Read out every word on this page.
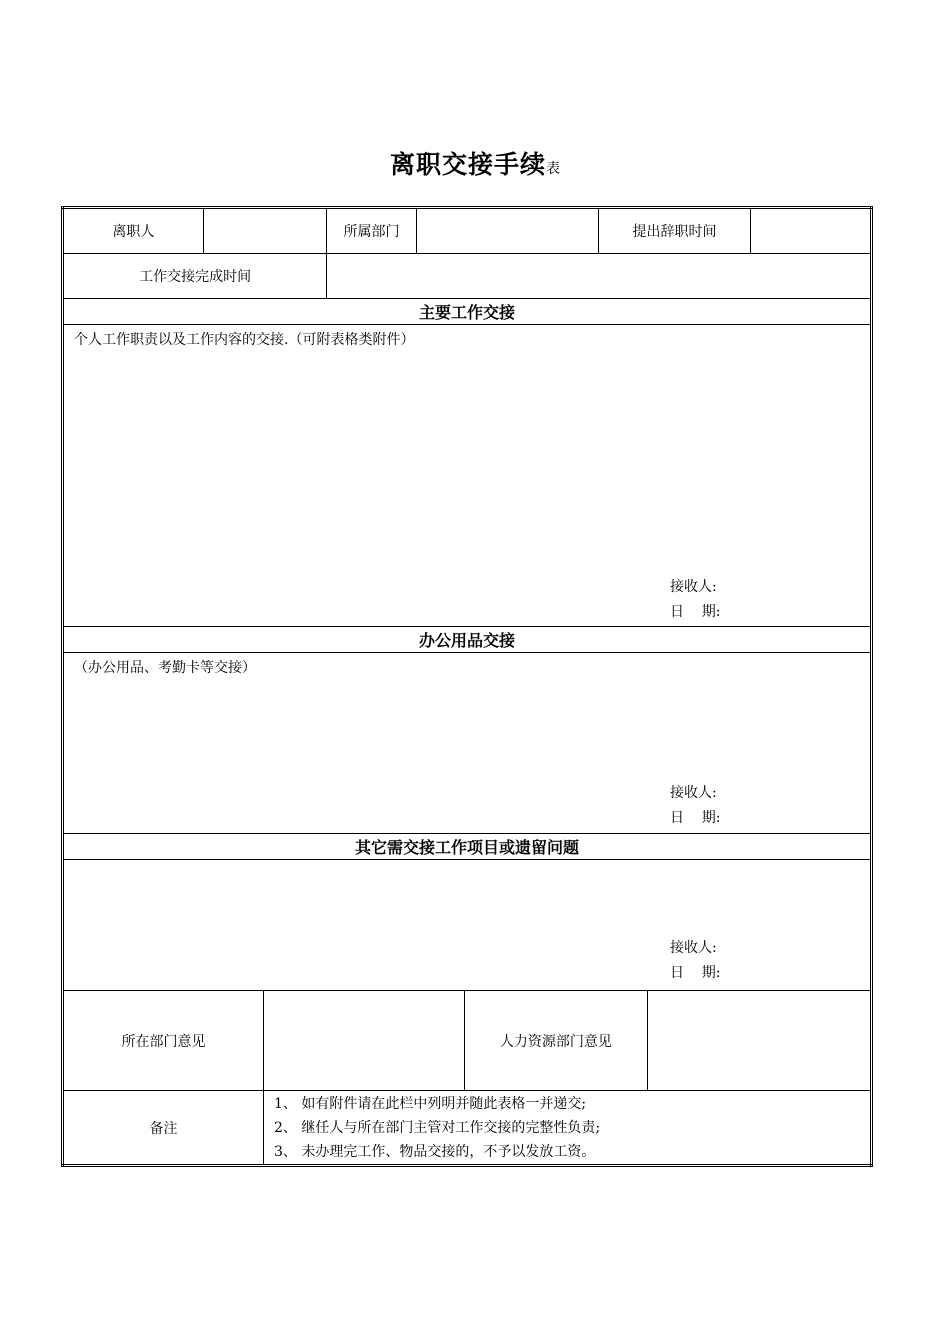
离职交接手续表
离职人			所属部门			提出辞职时间		
工作交接完成时间								
主要工作交接								

个人工作职责以及工作内容的交接.（可附表格类附件）
接收人:
日    期:								

办公用品交接								

（办公用品、考勤卡等交接）
接收人:
日    期:								

其它需交接工作项目或遗留问题								

接收人:
日    期:								

所在部门意见					人力资源部门意见			
备注		1、 如有附件请在此栏中列明并随此表格一并递交;
2、 继任人与所在部门主管对工作交接的完整性负责;
3、 未办理完工作、物品交接的，不予以发放工资。						
